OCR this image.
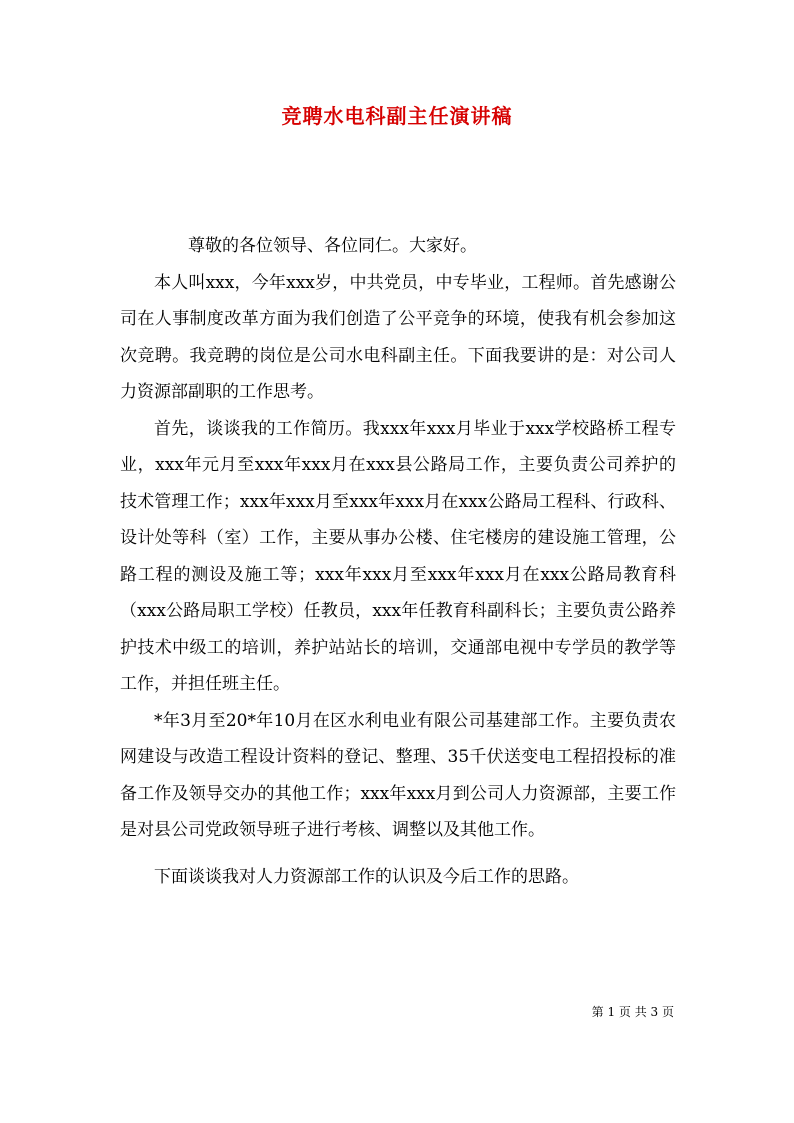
竞聘水电科副主任演讲稿

尊敬的各位领导、各位同仁。大家好。

本人叫xxx，今年xxx岁，中共党员，中专毕业，工程师。首先感谢公司在人事制度改革方面为我们创造了公平竞争的环境，使我有机会参加这次竞聘。我竞聘的岗位是公司水电科副主任。下面我要讲的是：对公司人力资源部副职的工作思考。

首先，谈谈我的工作简历。我xxx年xxx月毕业于xxx学校路桥工程专业，xxx年元月至xxx年xxx月在xxx县公路局工作，主要负责公司养护的技术管理工作；xxx年xxx月至xxx年xxx月在xxx公路局工程科、行政科、设计处等科（室）工作，主要从事办公楼、住宅楼房的建设施工管理，公路工程的测设及施工等；xxx年xxx月至xxx年xxx月在xxx公路局教育科（xxx公路局职工学校）任教员，xxx年任教育科副科长；主要负责公路养护技术中级工的培训，养护站站长的培训，交通部电视中专学员的教学等工作，并担任班主任。

*年3月至20*年10月在区水利电业有限公司基建部工作。主要负责农网建设与改造工程设计资料的登记、整理、35千伏送变电工程招投标的准备工作及领导交办的其他工作；xxx年xxx月到公司人力资源部，主要工作是对县公司党政领导班子进行考核、调整以及其他工作。

下面谈谈我对人力资源部工作的认识及今后工作的思路。

第 1 页 共 3 页
